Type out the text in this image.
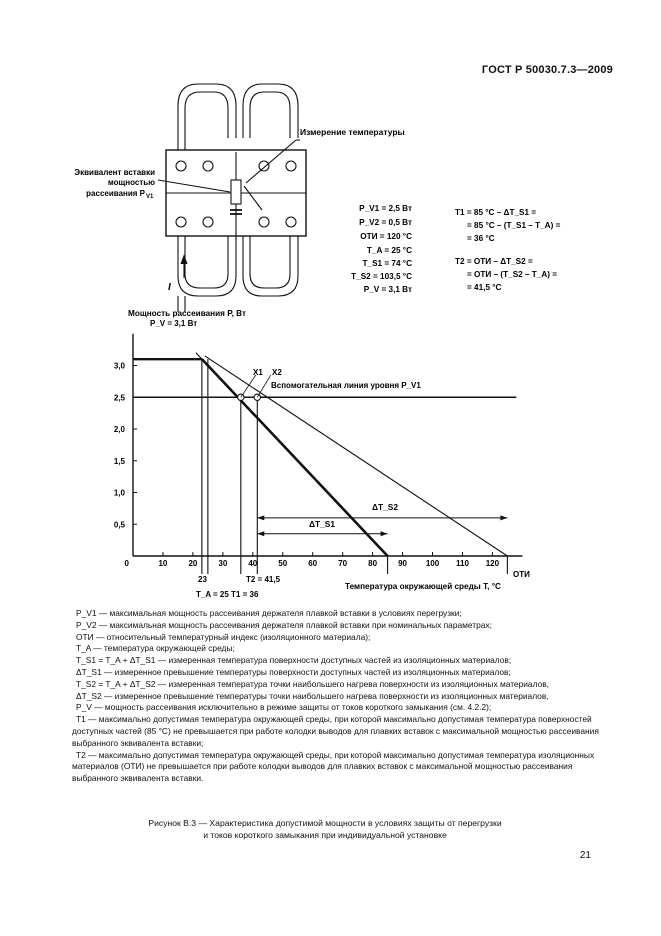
ГОСТ Р 50030.7.3—2009
Измерение температуры
Эквивалент вставки
мощностью
рассеивания P V1
I
P_V1 = 2,5 Вт
P_V2 = 0,5 Вт
ОТИ = 120 °С
T_A = 25 °С
T_S1 = 74 °С
T_S2 = 103,5 °С
P_V = 3,1 Вт
T1 = 85 °С – ΔT_S1 =
= 85 °С – (T_S1 – T_A) =
= 36 °С
T2 = ОТИ – ΔT_S2 =
= ОТИ – (T_S2 – T_A) =
= 41,5 °С
10	20	30	40	50	60	70	80	90 100 110 120
3,0
2,5
2,0
1,5
1,0
0,5
0
Мощность рассеивания P, Вт
P_V = 3,1 Вт
Вспомогательная линия уровня P_V1
X1 X2
ΔT_S2
ΔT_S1
ОТИ
Температура окружающей среды T, °С
23	T2 = 41,5
T_A = 25 T1 = 36

P_V1 — максимальная мощность рассеивания держателя плавкой вставки в условиях перегрузки;

P_V2 — максимальная мощность рассеивания держателя плавкой вставки при номинальных параметрах;

ОТИ — относительный температурный индекс (изоляционного материала);

T_A — температура окружающей среды;

T_S1 = T_A + ΔT_S1 — измеренная температура поверхности доступных частей из изоляционных материалов;

ΔT_S1 — измеренное превышение температуры поверхности доступных частей из изоляционных материалов;

T_S2 = T_A + ΔT_S2 — измеренная температура точки наибольшего нагрева поверхности из изоляционных материалов,

ΔT_S2 — измеренное превышение температуры точки наибольшего нагрева поверхности из изоляционных материалов,

P_V — мощность рассеивания исключительно в режиме защиты от токов короткого замыкания (см. 4.2.2);

T1 — максимально допустимая температура окружающей среды, при которой максимально допустимая температура поверхностей доступных частей (85 °С) не превышается при работе колодки выводов для плавких вставок с максимальной мощностью рассеивания выбранного эквивалента вставки;

T2 — максимально допустимая температура окружающей среды, при которой максимально допустимая температура изоляционных материалов (ОТИ) не превышается при работе колодки выводов для плавких вставок с максимальной мощностью рассеивания выбранного эквивалента вставки.

Рисунок В.3 — Характеристика допустимой мощности в условиях защиты от перегрузки
и токов короткого замыкания при индивидуальной установке
21
